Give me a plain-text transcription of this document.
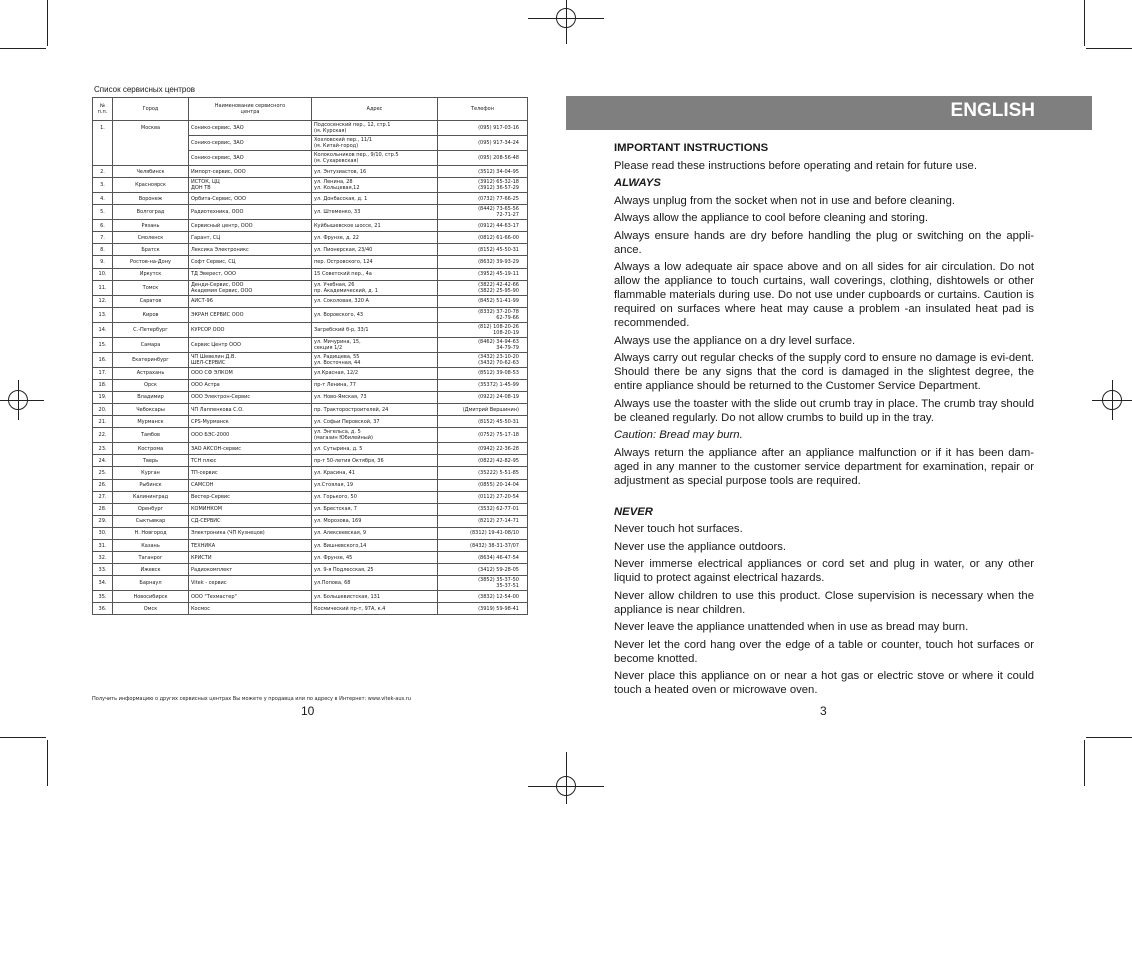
Список сервисных центров
№
п.п.	Город	Наименование сервисного
центра	Адрес	Телефон
1.	Москва	Сонико-сервис, ЗАО	Подсосенский пер., 12, стр.1
(м. Курская)	(095) 917-03-16
		Сонико-сервис, ЗАО	Хохловский пер., 11/1
(м. Китай-город)	(095) 917-34-24
		Сонико-сервис, ЗАО	Колокольников пер., 9/10, стр.5
(м. Сухаревская)	(095) 208-56-48
2.	Челябинск	Импорт-сервис, ООО	ул. Энтузиастов, 16	(3512) 34-04-95
3.	Красноярск	ИСТОК, ЦЦ
ДОН ТВ	ул. Ленина, 28
ул. Кольцевая,12	(3912) 65-32-18
(3912) 36-57-29
4.	Воронеж	Орбита-Сервис, ООО	ул. Донбасская, д. 1	(0732) 77-66-25
5.	Волгоград	Радиотехника, ООО	ул. Штеменко, 33	(8442) 73-65-56
72-71-27
6.	Рязань	Сервисный центр, ООО	Куйбышевское шоссе, 21	(0912) 44-63-17
7.	Смоленск	Гарант, СЦ	ул. Фрунзе, д. 22	(0812) 61-66-00
8.	Братск	Лексика Электроникс	ул. Пионерская, 23/40	(8152) 45-50-31
9.	Ростов-на-Дону	Софт Сервис, СЦ	пер. Островского, 124	(8632) 39-93-29
10.	Иркутск	ТД Эверест, ООО	15 Советский пер., 4а	(3952) 45-19-11
11.	Томск	Денди-Сервис, ООО
Академия Сервис, ООО	ул. Учебная, 26
пр. Академический, д. 1	(3822) 42-42-66
(3822) 25-95-90
12.	Саратов	АИСТ-96	ул. Соколовая, 320 А	(8452) 51-41-99
13.	Киров	ЭКРАН СЕРВИС ООО	ул. Воровского, 43	(8332) 37-20-78
62-79-66
14.	С.-Петербург	КУРСОР ООО	Загребский б-р, 33/1	(812) 108-20-26
108-20-19
15.	Самара	Сервис Центр ООО	ул. Мичурина, 15,
секция 1/2	(8462) 34-94-63
34-79-79
16.	Екатеринбург	ЧП Шевелин Д.В.
ШЕЛ-СЕРВИС	ул. Радищева, 55
ул. Восточная, 44	(3432) 23-10-20
(3432) 70-62-63
17.	Астрахань	ООО СФ ЭЛКОМ	ул.Красная, 12/2	(8512) 39-08-53
18.	Орск	ООО Астра	пр-т Ленина, 77	(35372) 1-45-99
19.	Владимир	ООО Электрон-Сервис	ул. Ново-Ямская, 73	(0922) 24-08-19
20.	Чебоксары	ЧП Лаппенкова С.О.	пр. Тракторостроителей, 24	(Дмитрий Вершинин)
21.	Мурманск	CPS-Мурманск	ул. Софьи Перовской, 37	(8152) 45-50-31
22.	Тамбов	ООО БЭС-2000	ул. Энгельса, д. 5
(магазин Юбилейный)	(0752) 75-17-18
23.	Кострома	ЗАО АКСОН-сервис	ул. Сутырина, д. 5	(0942) 22-36-28
24.	Тверь	ТСН плюс	пр-т 50-летия Октября, 36	(0822) 42-82-95
25.	Курган	ТП-сервис	ул. Красина, 41	(35222) 5-51-85
26.	Рыбинск	САМСОН	ул.Стоялая, 19	(0855) 20-14-04
27.	Калининград	Вестер-Сервис	ул. Горького, 50	(0112) 27-20-54
28.	Оренбург	КОМИНКОМ	ул. Брестская, 7	(3532) 62-77-01
29.	Сыктывкар	СД-СЕРВИС	ул. Морозова, 169	(8212) 27-14-71
30.	Н. Новгород	Электроника (ЧП Кузнецов)	ул. Алексеевская, 9	(8312) 19-41-08/10
31.	Казань	ТЕХНИКА	ул. Вишневского,14	(8432) 38-31-37/07
32.	Таганрог	КРИСТИ	ул. Фрунзе, 45	(8634) 46-47-54
33.	Ижевск	Радиокомплект	ул. 9-я Подлесская, 25	(3412) 59-28-05
34.	Барнаул	Vitek - сервис	ул.Попова, 68	(3852) 35-37-50
35-37-51
35.	Новосибирск	ООО "Техмастер"	ул. Большевистская, 131	(3832) 12-54-00
36.	Омск	Космос	Космический пр-т, 97А, к.4	(3919) 59-98-41
Получить информацию о других сервисных центрах Вы можете у продавца или по адресу в Интернет: www.vitek-aus.ru
10
ENGLISH

IMPORTANT INSTRUCTIONS

Please read these instructions before operating and retain for future use.

ALWAYS

Always unplug from the socket when not in use and before cleaning.

Always allow the appliance to cool before cleaning and storing.

Always ensure hands are dry before handling the plug or switching on the appli-ance.

Always a low adequate air space above and on all sides for air circulation. Do not allow the appliance to touch curtains, wall coverings, clothing, dishtowels or other flammable materials during use. Do not use under cupboards or curtains. Caution is required on surfaces where heat may cause a problem -an insulated heat pad is recommended.

Always use the appliance on a dry level surface.

Always carry out regular checks of the supply cord to ensure no damage is evi-dent. Should there be any signs that the cord is damaged in the slightest degree, the entire appliance should be returned to the Customer Service Department.

Always use the toaster with the slide out crumb tray in place. The crumb tray should be cleaned regularly. Do not allow crumbs to build up in the tray.

Caution: Bread may burn.

Always return the appliance after an appliance malfunction or if it has been dam-aged in any manner to the customer service department for examination, repair or adjustment as special purpose tools are required.

NEVER

Never touch hot surfaces.

Never use the appliance outdoors.

Never immerse electrical appliances or cord set and plug in water, or any other liquid to protect against electrical hazards.

Never allow children to use this product. Close supervision is necessary when the appliance is near children.

Never leave the appliance unattended when in use as bread may burn.

Never let the cord hang over the edge of a table or counter, touch hot surfaces or become knotted.

Never place this appliance on or near a hot gas or electric stove or where it could touch a heated oven or microwave oven.

3
